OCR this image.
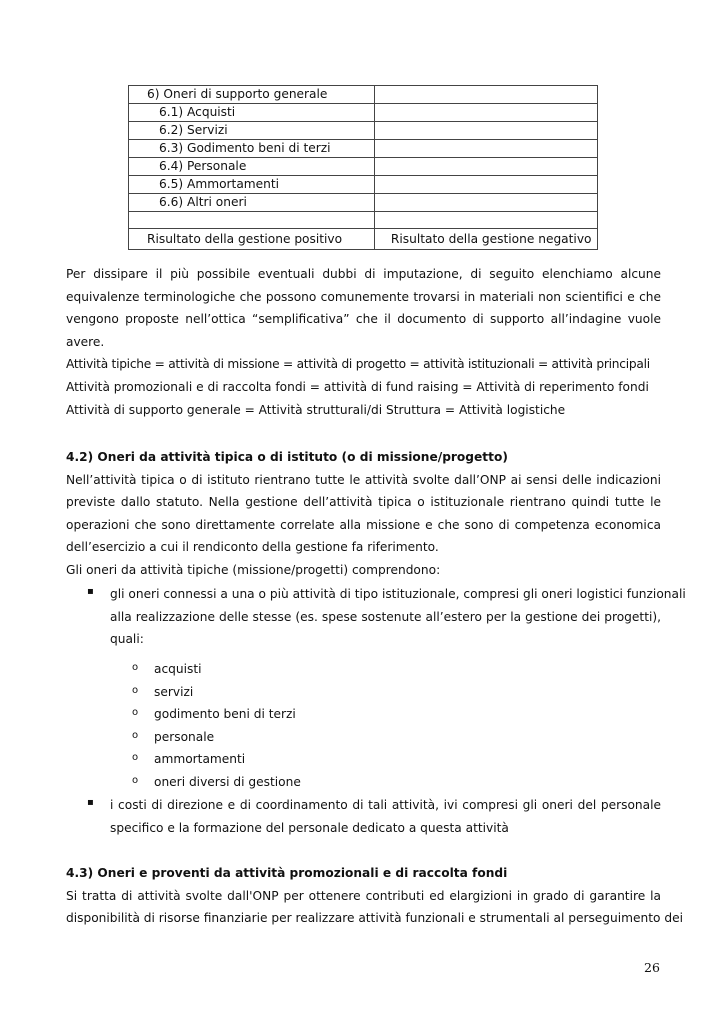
6) Oneri di supporto generale	
6.1) Acquisti	
6.2) Servizi	
6.3) Godimento beni di terzi	
6.4) Personale	
6.5) Ammortamenti	
6.6) Altri oneri	

Risultato della gestione positivo	Risultato della gestione negativo
Per dissipare il più possibile eventuali dubbi di imputazione, di seguito elenchiamo alcune
equivalenze terminologiche che possono comunemente trovarsi in materiali non scientifici e che
vengono proposte nell’ottica “semplificativa” che il documento di supporto all’indagine vuole
avere.
Attività tipiche = attività di missione = attività di progetto = attività istituzionali = attività principali
Attività promozionali e di raccolta fondi = attività di fund raising = Attività di reperimento fondi
Attività di supporto generale = Attività strutturali/di Struttura = Attività logistiche
4.2) Oneri da attività tipica o di istituto (o di missione/progetto)
Nell’attività tipica o di istituto rientrano tutte le attività svolte dall’ONP ai sensi delle indicazioni
previste dallo statuto. Nella gestione dell’attività tipica o istituzionale rientrano quindi tutte le
operazioni che sono direttamente correlate alla missione e che sono di competenza economica
dell’esercizio a cui il rendiconto della gestione fa riferimento.
Gli oneri da attività tipiche (missione/progetti) comprendono:
▪ gli oneri connessi a una o più attività di tipo istituzionale, compresi gli oneri logistici funzionali
alla realizzazione delle stesse (es. spese sostenute all’estero per la gestione dei progetti),
quali:
o acquisti
o servizi
o godimento beni di terzi
o personale
o ammortamenti
o oneri diversi di gestione
▪ i costi di direzione e di coordinamento di tali attività, ivi compresi gli oneri del personale
specifico e la formazione del personale dedicato a questa attività
4.3) Oneri e proventi da attività promozionali e di raccolta fondi
Si tratta di attività svolte dall'ONP per ottenere contributi ed elargizioni in grado di garantire la
disponibilità di risorse finanziarie per realizzare attività funzionali e strumentali al perseguimento dei
26
